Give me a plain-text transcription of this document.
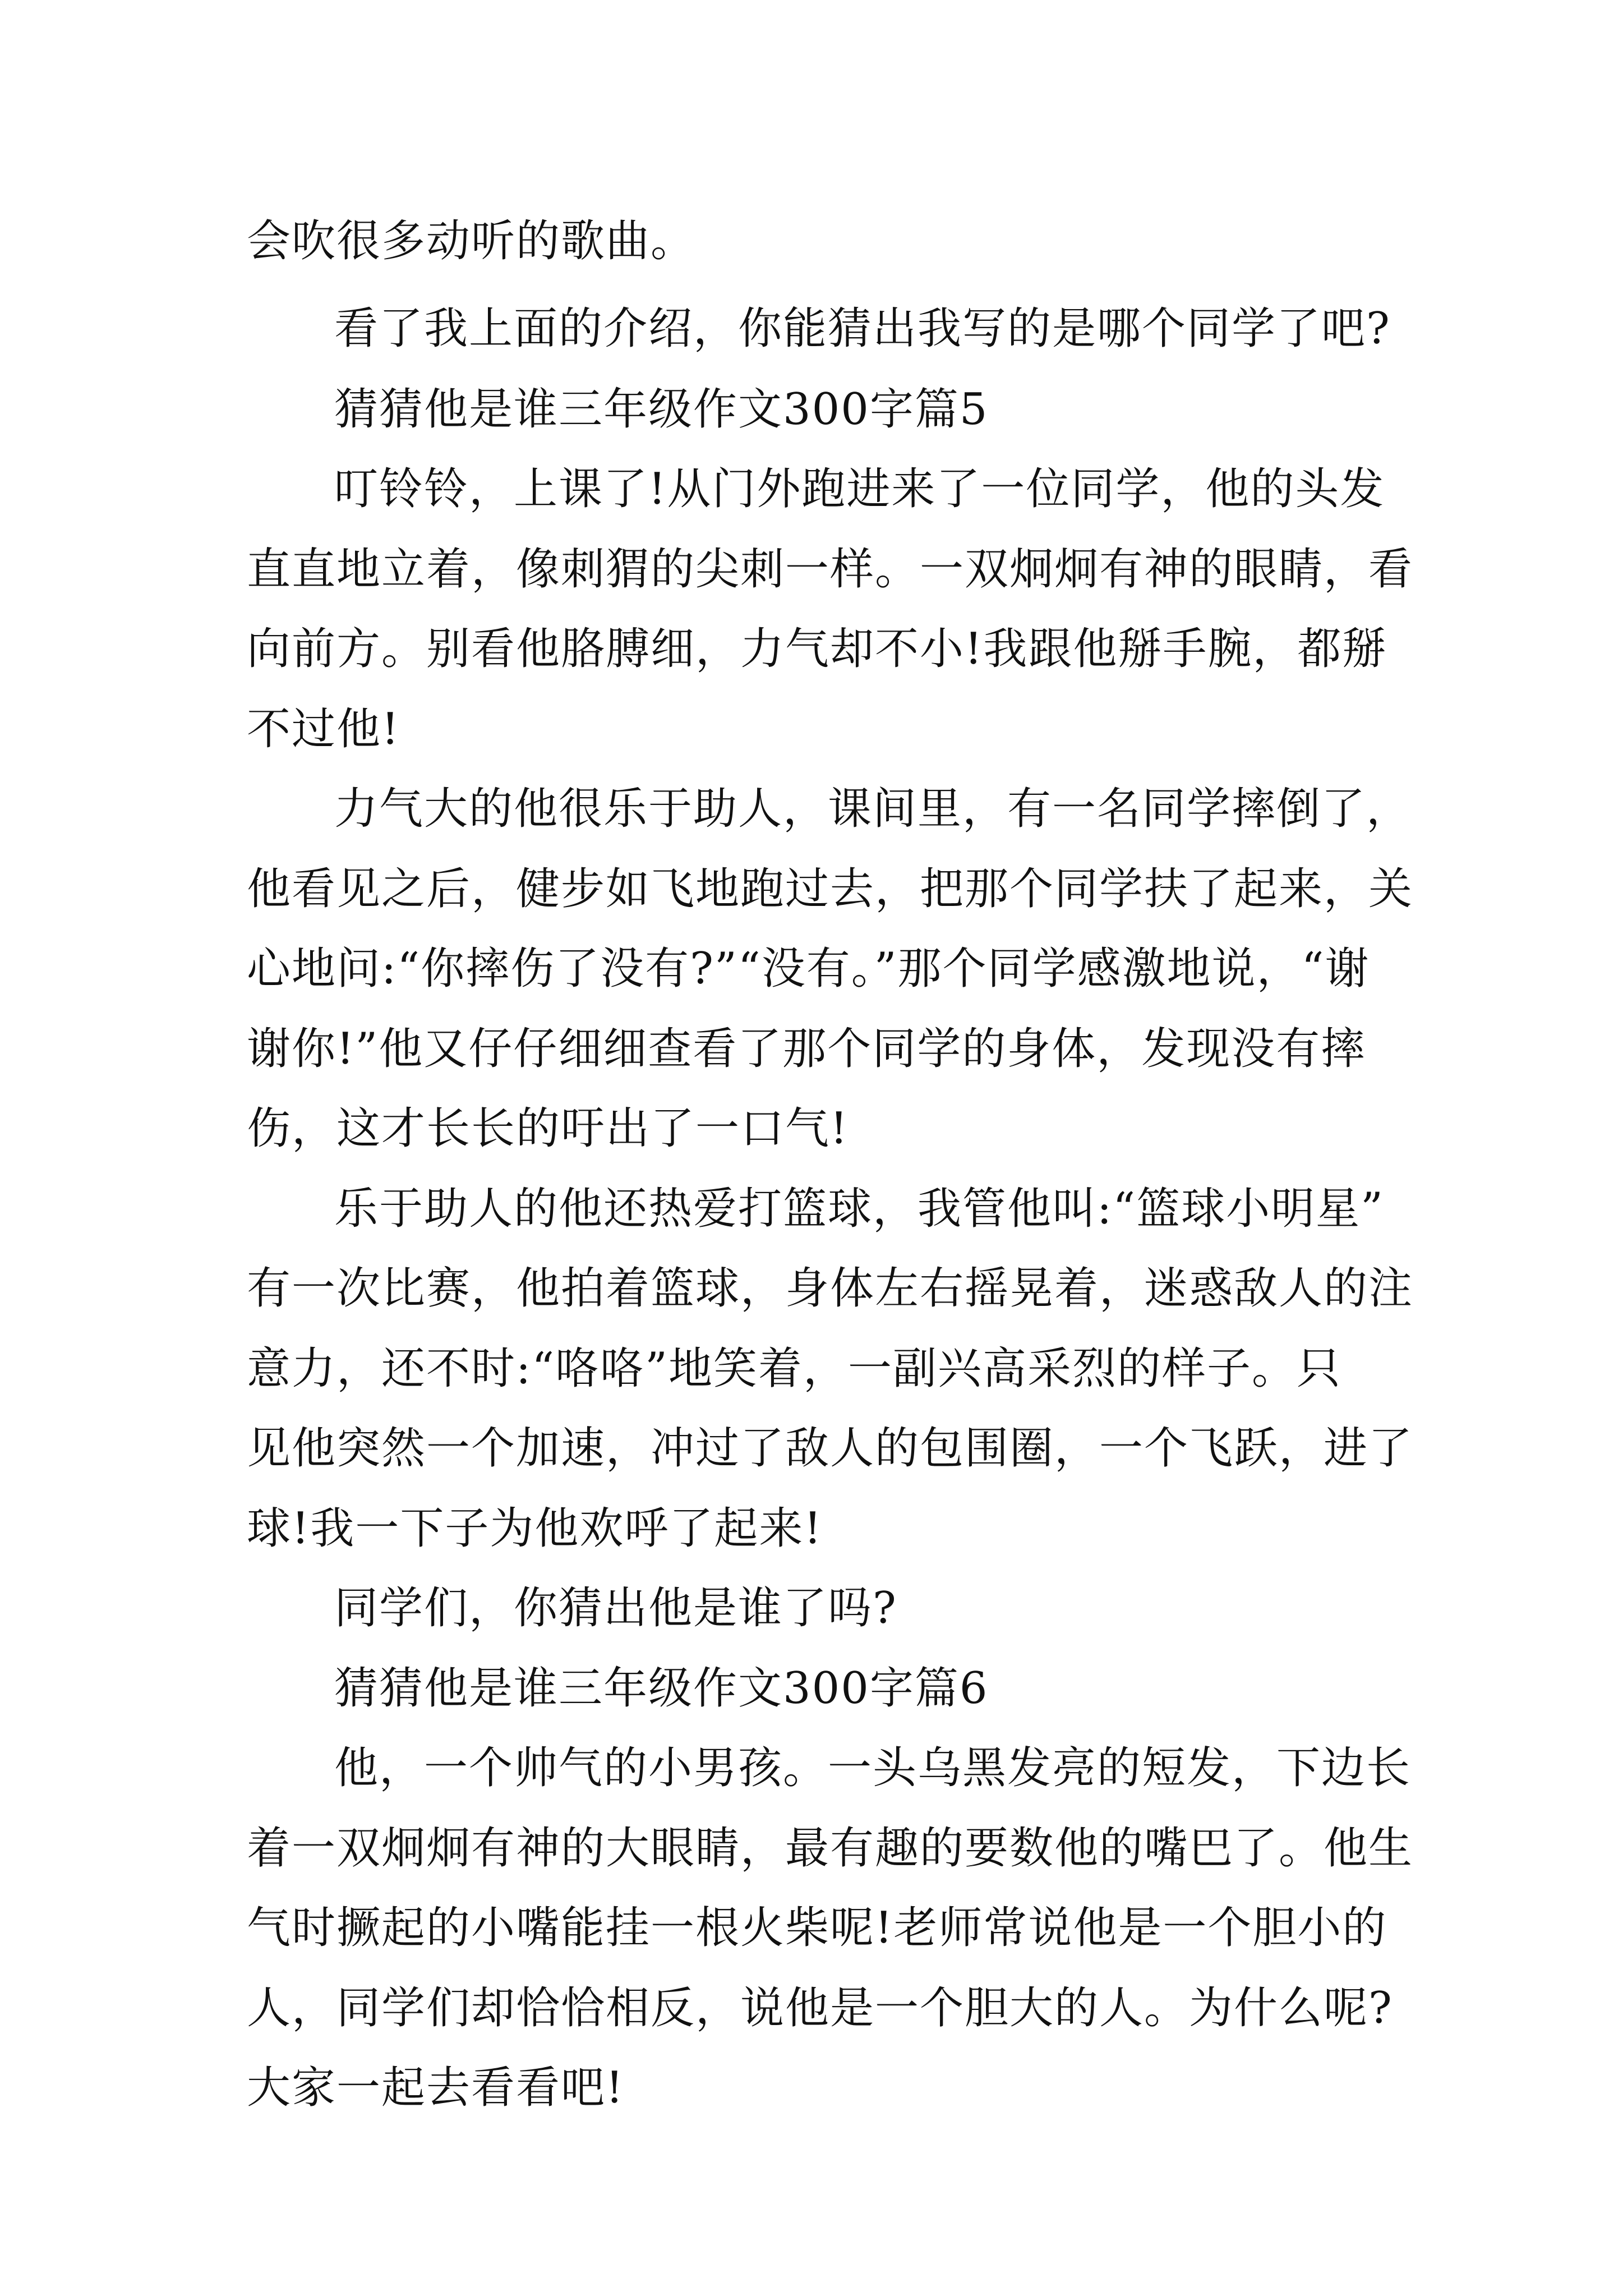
会吹很多动听的歌曲。
看了我上面的介绍，你能猜出我写的是哪个同学了吧?
猜猜他是谁三年级作文300字篇5
叮铃铃，上课了!从门外跑进来了一位同学，他的头发
直直地立着，像刺猬的尖刺一样。一双炯炯有神的眼睛，看
向前方。别看他胳膊细，力气却不小!我跟他掰手腕，都掰
不过他!
力气大的他很乐于助人，课间里，有一名同学摔倒了，
他看见之后，健步如飞地跑过去，把那个同学扶了起来，关
心地问:“你摔伤了没有?”“没有。”那个同学感激地说，“谢
谢你!”他又仔仔细细查看了那个同学的身体，发现没有摔
伤，这才长长的吁出了一口气!
乐于助人的他还热爱打篮球，我管他叫:“篮球小明星”
有一次比赛，他拍着篮球，身体左右摇晃着，迷惑敌人的注
意力，还不时:“咯咯”地笑着，一副兴高采烈的样子。只
见他突然一个加速，冲过了敌人的包围圈，一个飞跃，进了
球!我一下子为他欢呼了起来!
同学们，你猜出他是谁了吗?
猜猜他是谁三年级作文300字篇6
他，一个帅气的小男孩。一头乌黑发亮的短发，下边长
着一双炯炯有神的大眼睛，最有趣的要数他的嘴巴了。他生
气时撅起的小嘴能挂一根火柴呢!老师常说他是一个胆小的
人，同学们却恰恰相反，说他是一个胆大的人。为什么呢?
大家一起去看看吧!
